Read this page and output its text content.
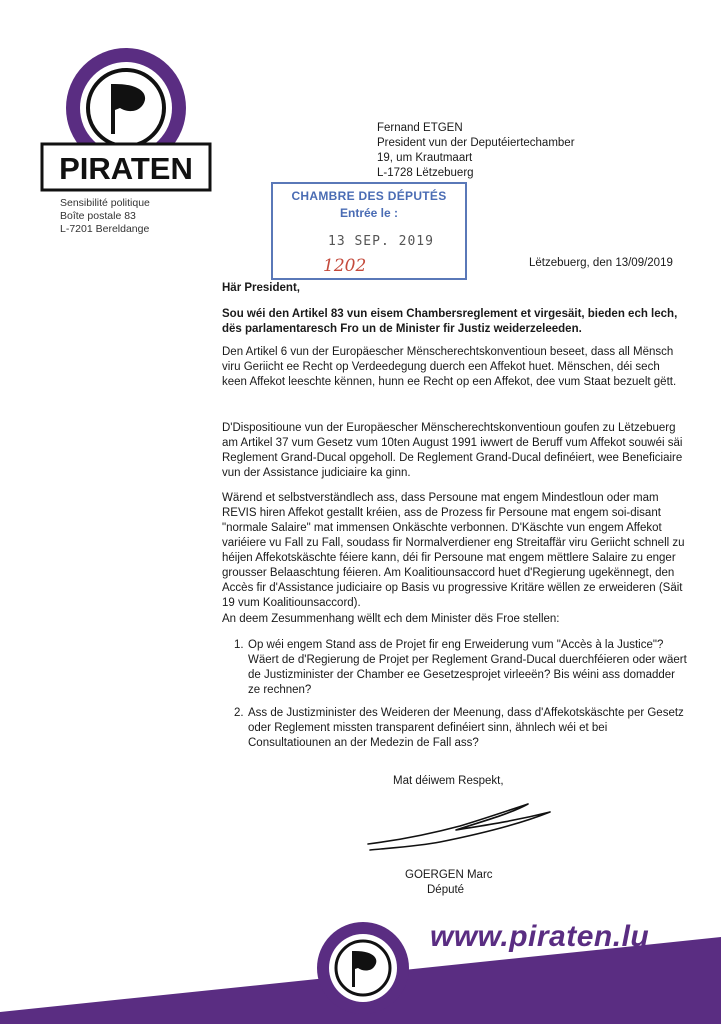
PIRATEN
Sensibilité politique
Boîte postale 83
L-7201 Bereldange
Fernand ETGEN
President vun der Deputéiertechamber
19, um Krautmaart
L-1728 Lëtzebuerg
CHAMBRE DES DÉPUTÉS
Entrée le :
13 SEP. 2019
1202	Lëtzebuerg, den 13/09/2019
Här President,

Sou wéi den Artikel 83 vun eisem Chambersreglement et virgesäit, bieden ech lech, dës parlamentaresch Fro un de Minister fir Justiz weiderzeleeden.

Den Artikel 6 vun der Europäescher Mënscherechtskonventioun beseet, dass all Mënsch viru Geriicht ee Recht op Verdeedegung duerch een Affekot huet. Mënschen, déi sech keen Affekot leeschte kënnen, hunn ee Recht op een Affekot, dee vum Staat bezuelt gëtt.

D'Dispositioune vun der Europäescher Mënscherechtskonventioun goufen zu Lëtzebuerg am Artikel 37 vum Gesetz vum 10ten August 1991 iwwert de Beruff vum Affekot souwéi säi Reglement Grand-Ducal opgeholl. De Reglement Grand-Ducal definéiert, wee Beneficiaire vun der Assistance judiciaire ka ginn.

Wärend et selbstverständlech ass, dass Persoune mat engem Mindestloun oder mam REVIS hiren Affekot gestallt kréien, ass de Prozess fir Persoune mat engem soi-disant "normale Salaire" mat immensen Onkäschte verbonnen. D'Käschte vun engem Affekot variéiere vu Fall zu Fall, soudass fir Normalverdiener eng Streitaffär viru Geriicht schnell zu héijen Affekotskäschte féiere kann, déi fir Persoune mat engem mëttlere Salaire zu enger grousser Belaaschtung féieren. Am Koalitiounsaccord huet d'Regierung ugekënnegt, den Accès fir d'Assistance judiciaire op Basis vu progressive Kritäre wëllen ze erweideren (Säit 19 vum Koalitiounsaccord).

An deem Zesummenhang wëllt ech dem Minister dës Froe stellen:

1. Op wéi engem Stand ass de Projet fir eng Erweiderung vum "Accès à la Justice"? Wäert de d'Regierung de Projet per Reglement Grand-Ducal duerchféieren oder wäert de Justizminister der Chamber ee Gesetzesprojet virleeën? Bis wéini ass domadder ze rechnen?
2. Ass de Justizminister des Weideren der Meenung, dass d'Affekotskäschte per Gesetz oder Reglement missten transparent definéiert sinn, ähnlech wéi et bei Consultatiounen an der Medezin de Fall ass?
Mat déiwem Respekt,
GOERGEN Marc
Député
www.piraten.lu
